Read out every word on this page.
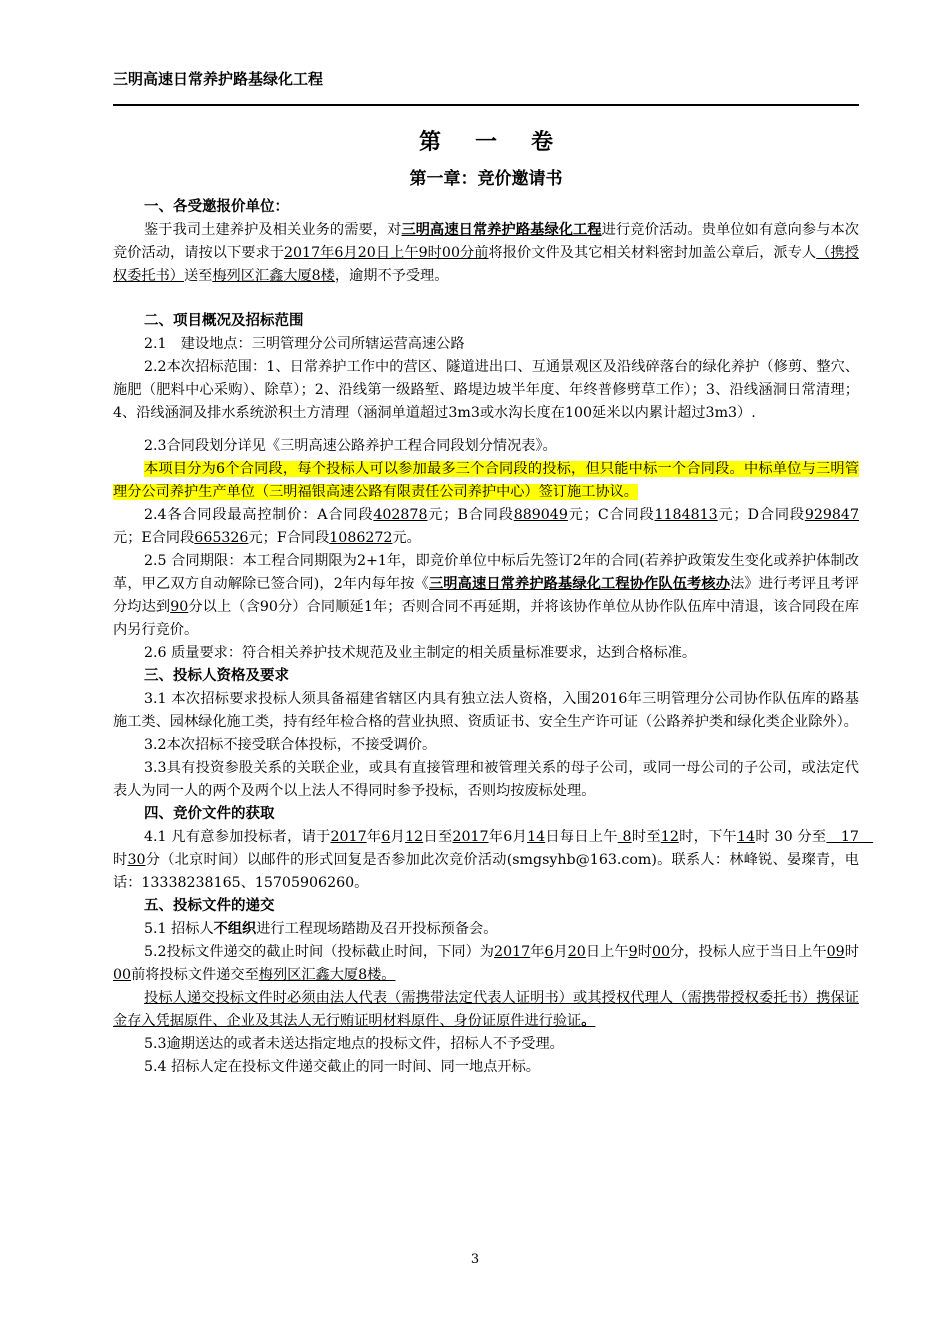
三明高速日常养护路基绿化工程
第一卷
第一章：竞价邀请书
一、各受邀报价单位：
鉴于我司土建养护及相关业务的需要，对三明高速日常养护路基绿化工程进行竞价活动。贵单位如有意向参与本次竞价活动，请按以下要求于2017年6月20日上午9时00分前将报价文件及其它相关材料密封加盖公章后，派专人（携授权委托书）送至梅列区汇鑫大厦8楼，逾期不予受理。
二、项目概况及招标范围
2.1　建设地点：三明管理分公司所辖运营高速公路
2.2本次招标范围：1、日常养护工作中的营区、隧道进出口、互通景观区及沿线碎落台的绿化养护（修剪、整穴、施肥（肥料中心采购）、除草）；2、沿线第一级路堑、路堤边坡半年度、年终普修劈草工作）；3、沿线涵洞日常清理；4、沿线涵洞及排水系统淤积土方清理（涵洞单道超过3m3或水沟长度在100延米以内累计超过3m3）.
2.3合同段划分详见《三明高速公路养护工程合同段划分情况表》。
本项目分为6个合同段，每个投标人可以参加最多三个合同段的投标，但只能中标一个合同段。中标单位与三明管理分公司养护生产单位（三明福银高速公路有限责任公司养护中心）签订施工协议。
2.4各合同段最高控制价：A合同段402878元；B合同段889049元；C合同段1184813元；D合同段929847元；E合同段665326元；F合同段1086272元。
2.5 合同期限：本工程合同期限为2+1年，即竞价单位中标后先签订2年的合同(若养护政策发生变化或养护体制改革，甲乙双方自动解除已签合同)，2年内每年按《三明高速日常养护路基绿化工程协作队伍考核办法》进行考评且考评分均达到90分以上（含90分）合同顺延1年；否则合同不再延期，并将该协作单位从协作队伍库中清退，该合同段在库内另行竞价。
2.6 质量要求：符合相关养护技术规范及业主制定的相关质量标准要求，达到合格标准。
三、投标人资格及要求
3.1 本次招标要求投标人须具备福建省辖区内具有独立法人资格，入围2016年三明管理分公司协作队伍库的路基施工类、园林绿化施工类，持有经年检合格的营业执照、资质证书、安全生产许可证（公路养护类和绿化类企业除外）。
3.2本次招标不接受联合体投标，不接受调价。
3.3具有投资参股关系的关联企业，或具有直接管理和被管理关系的母子公司，或同一母公司的子公司，或法定代表人为同一人的两个及两个以上法人不得同时参予投标，否则均按废标处理。
四、竞价文件的获取
4.1 凡有意参加投标者，请于2017年6月12日至2017年6月14日每日上午 8时至12时，下午14时 30 分至　17　时30分（北京时间）以邮件的形式回复是否参加此次竞价活动(smgsyhb@163.com)。联系人：林峰锐、晏璨青，电话：13338238165、15705906260。
五、投标文件的递交
5.1 招标人不组织进行工程现场踏勘及召开投标预备会。
5.2投标文件递交的截止时间（投标截止时间，下同）为2017年6月20日上午9时00分，投标人应于当日上午09时00前将投标文件递交至梅列区汇鑫大厦8楼。
投标人递交投标文件时必须由法人代表（需携带法定代表人证明书）或其授权代理人（需携带授权委托书）携保证金存入凭据原件、企业及其法人无行贿证明材料原件、身份证原件进行验证。
5.3逾期送达的或者未送达指定地点的投标文件，招标人不予受理。
5.4 招标人定在投标文件递交截止的同一时间、同一地点开标。
3
